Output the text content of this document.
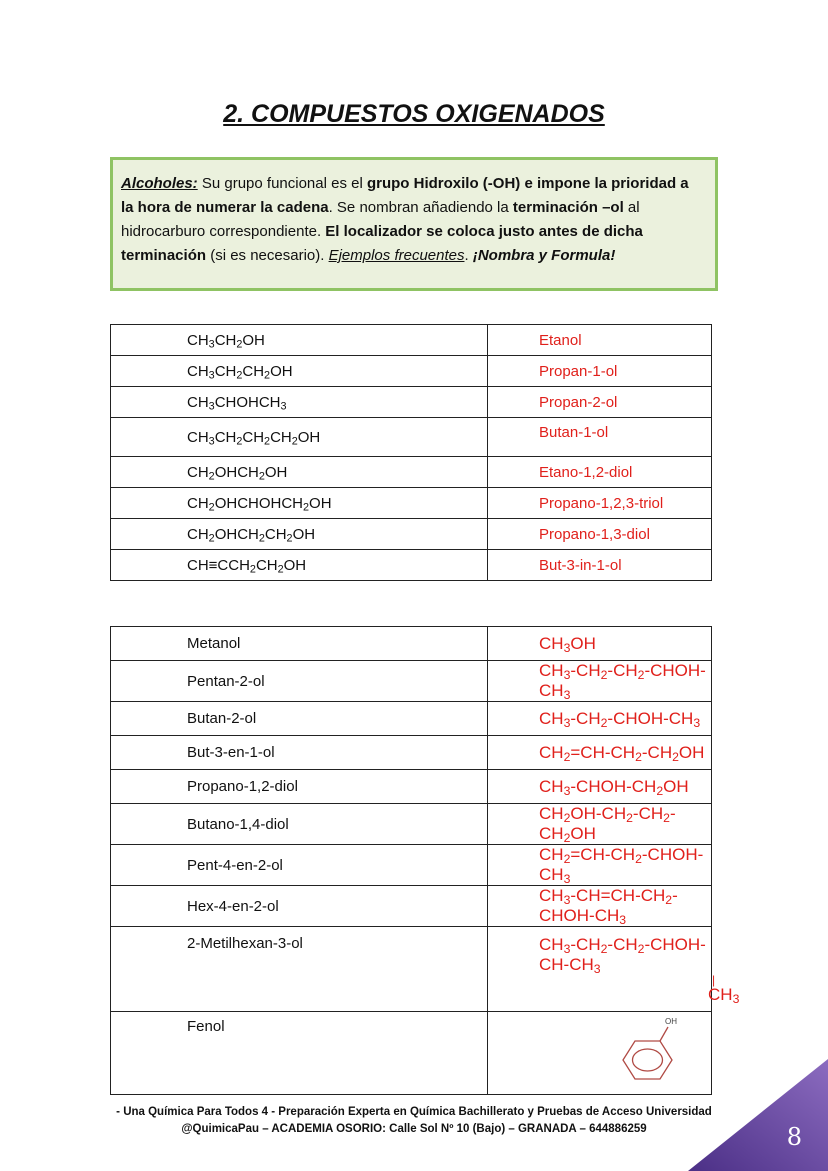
2. COMPUESTOS OXIGENADOS
Alcoholes: Su grupo funcional es el grupo Hidroxilo (-OH) e impone la prioridad a la hora de numerar la cadena. Se nombran añadiendo la terminación –ol al hidrocarburo correspondiente. El localizador se coloca justo antes de dicha terminación (si es necesario). Ejemplos frecuentes. ¡Nombra y Formula!
$CH_3CH_2OH$	Etanol
$CH_3CH_2CH_2OH$	Propan-1-ol
$CH_3CHOHCH_3$	Propan-2-ol
$CH_3CH_2CH_2CH_2OH$	Butan-1-ol
$CH_2OHCH_2OH$	Etano-1,2-diol
$CH_2OHCHOHCH_2OH$	Propano-1,2,3-triol
$CH_2OHCH_2CH_2OH$	Propano-1,3-diol
$CH\equiv CCH_2CH_2OH$	But-3-in-1-ol
Metanol	$CH_3OH$
Pentan-2-ol	$CH_3-CH_2-CH_2-CHOH-CH_3$
Butan-2-ol	$CH_3-CH_2-CHOH-CH_3$
But-3-en-1-ol	$CH_2=CH-CH_2-CH_2OH$
Propano-1,2-diol	$CH_3-CHOH-CH_2OH$
Butano-1,4-diol	$CH_2OH-CH_2-CH_2-CH_2OH$
Pent-4-en-2-ol	$CH_2=CH-CH_2-CHOH-CH_3$
Hex-4-en-2-ol	$CH_3-CH=CH-CH_2-CHOH-CH_3$
2-Metilhexan-3-ol	$CH_3-CH_2-CH_2-CHOH-CH-CH_3$
|
$CH_3$

Fenol	OH
- Una Química Para Todos 4 - Preparación Experta en Química Bachillerato y Pruebas de Acceso Universidad
@QuimicaPau – ACADEMIA OSORIO: Calle Sol Nº 10 (Bajo) – GRANADA – 644886259	8
